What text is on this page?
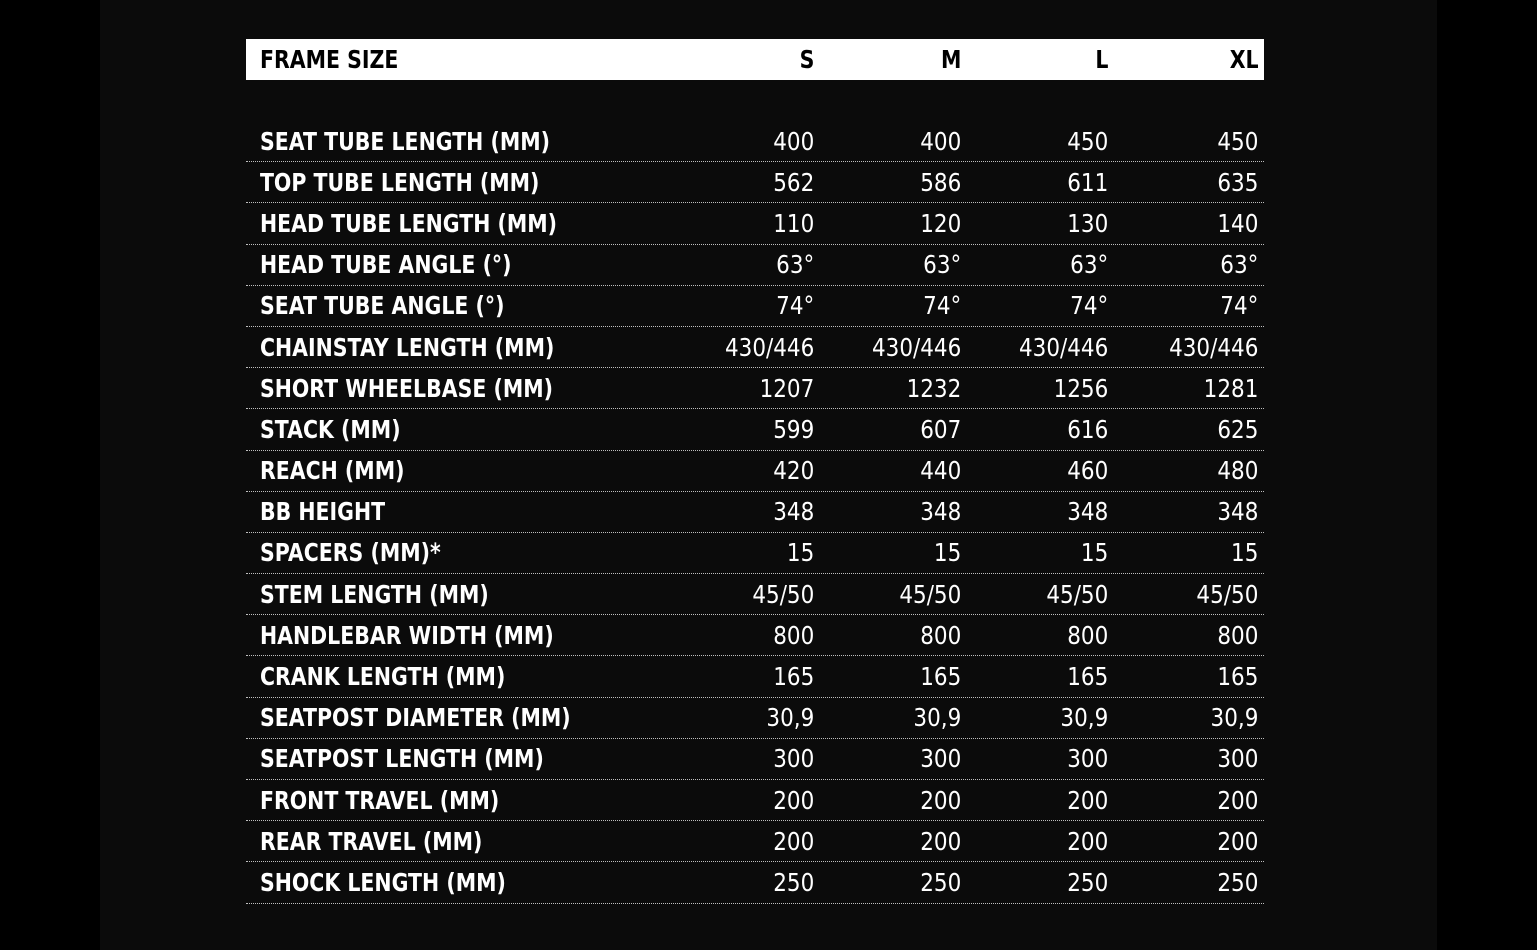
FRAME SIZE	S	M	L	XL
SEAT TUBE LENGTH (MM)	400	400	450	450
TOP TUBE LENGTH (MM)	562	586	611	635
HEAD TUBE LENGTH (MM)	110	120	130	140
HEAD TUBE ANGLE (°)	63°	63°	63°	63°
SEAT TUBE ANGLE (°)	74°	74°	74°	74°
CHAINSTAY LENGTH (MM)	430/446	430/446	430/446	430/446
SHORT WHEELBASE (MM)	1207	1232	1256	1281
STACK (MM)	599	607	616	625
REACH (MM)	420	440	460	480
BB HEIGHT	348	348	348	348
SPACERS (MM)*	15	15	15	15
STEM LENGTH (MM)	45/50	45/50	45/50	45/50
HANDLEBAR WIDTH (MM)	800	800	800	800
CRANK LENGTH (MM)	165	165	165	165
SEATPOST DIAMETER (MM)	30,9	30,9	30,9	30,9
SEATPOST LENGTH (MM)	300	300	300	300
FRONT TRAVEL (MM)	200	200	200	200
REAR TRAVEL (MM)	200	200	200	200
SHOCK LENGTH (MM)	250	250	250	250
